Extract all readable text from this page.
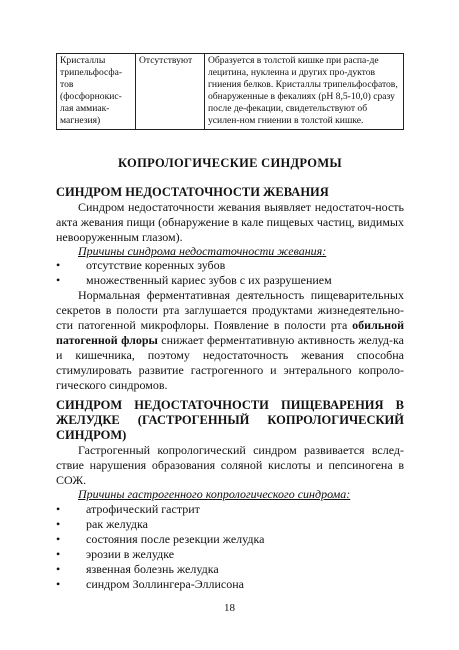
Кристаллы трипельфосфа-тов (фосфорнокис-лая аммиак-магнезия)	Отсутствуют	Образуется в толстой кишке при распа-де лецитина, нуклеина и других про-дуктов гниения белков. Кристаллы трипельфосфатов, обнаруженные в фекалиях (рН 8,5-10,0) сразу после де-фекации, свидетельствуют об усилен-ном гниении в толстой кишке.
КОПРОЛОГИЧЕСКИЕ СИНДРОМЫ
СИНДРОМ НЕДОСТАТОЧНОСТИ ЖЕВАНИЯ
Синдром недостаточности жевания выявляет недостаточ-ность акта жевания пищи (обнаружение в кале пищевых частиц, видимых невооруженным глазом).
Причины синдрома недостаточности жевания:
• отсутствие коренных зубов
• множественный кариес зубов с их разрушением
Нормальная ферментативная деятельность пищеварительных секретов в полости рта заглушается продуктами жизнедеятельно-сти патогенной микрофлоры. Появление в полости рта обильной патогенной флоры снижает ферментативную активность желуд-ка и кишечника, поэтому недостаточность жевания способна стимулировать развитие гастрогенного и энтерального копроло-гического синдромов.
СИНДРОМ НЕДОСТАТОЧНОСТИ ПИЩЕВАРЕНИЯ В ЖЕЛУДКЕ (ГАСТРОГЕННЫЙ КОПРОЛОГИЧЕСКИЙ СИНДРОМ)
Гастрогенный копрологический синдром развивается вслед-ствие нарушения образования соляной кислоты и пепсиногена в СОЖ.
Причины гастрогенного копрологического синдрома:
• атрофический гастрит
• рак желудка
• состояния после резекции желудка
• эрозии в желудке
• язвенная болезнь желудка
• синдром Золлингера-Эллисона
18
